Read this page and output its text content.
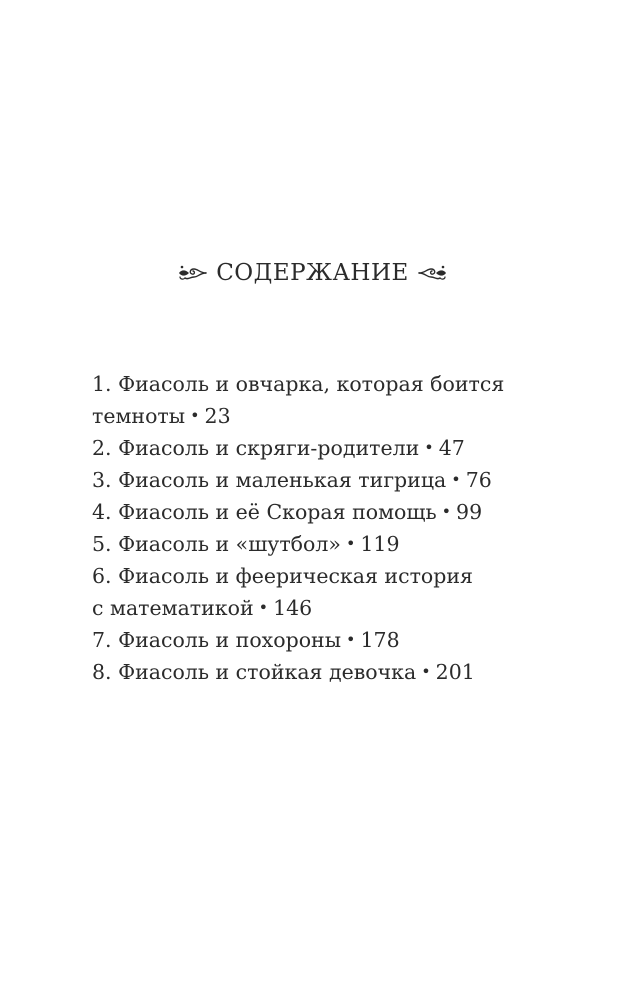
СОДЕРЖАНИЕ
1. Фиасоль и овчарка, которая боится
темноты • 23
2. Фиасоль и скряги-родители • 47
3. Фиасоль и маленькая тигрица • 76
4. Фиасоль и её Скорая помощь • 99
5. Фиасоль и «шутбол» • 119
6. Фиасоль и феерическая история
с математикой • 146
7. Фиасоль и похороны • 178
8. Фиасоль и стойкая девочка • 201
